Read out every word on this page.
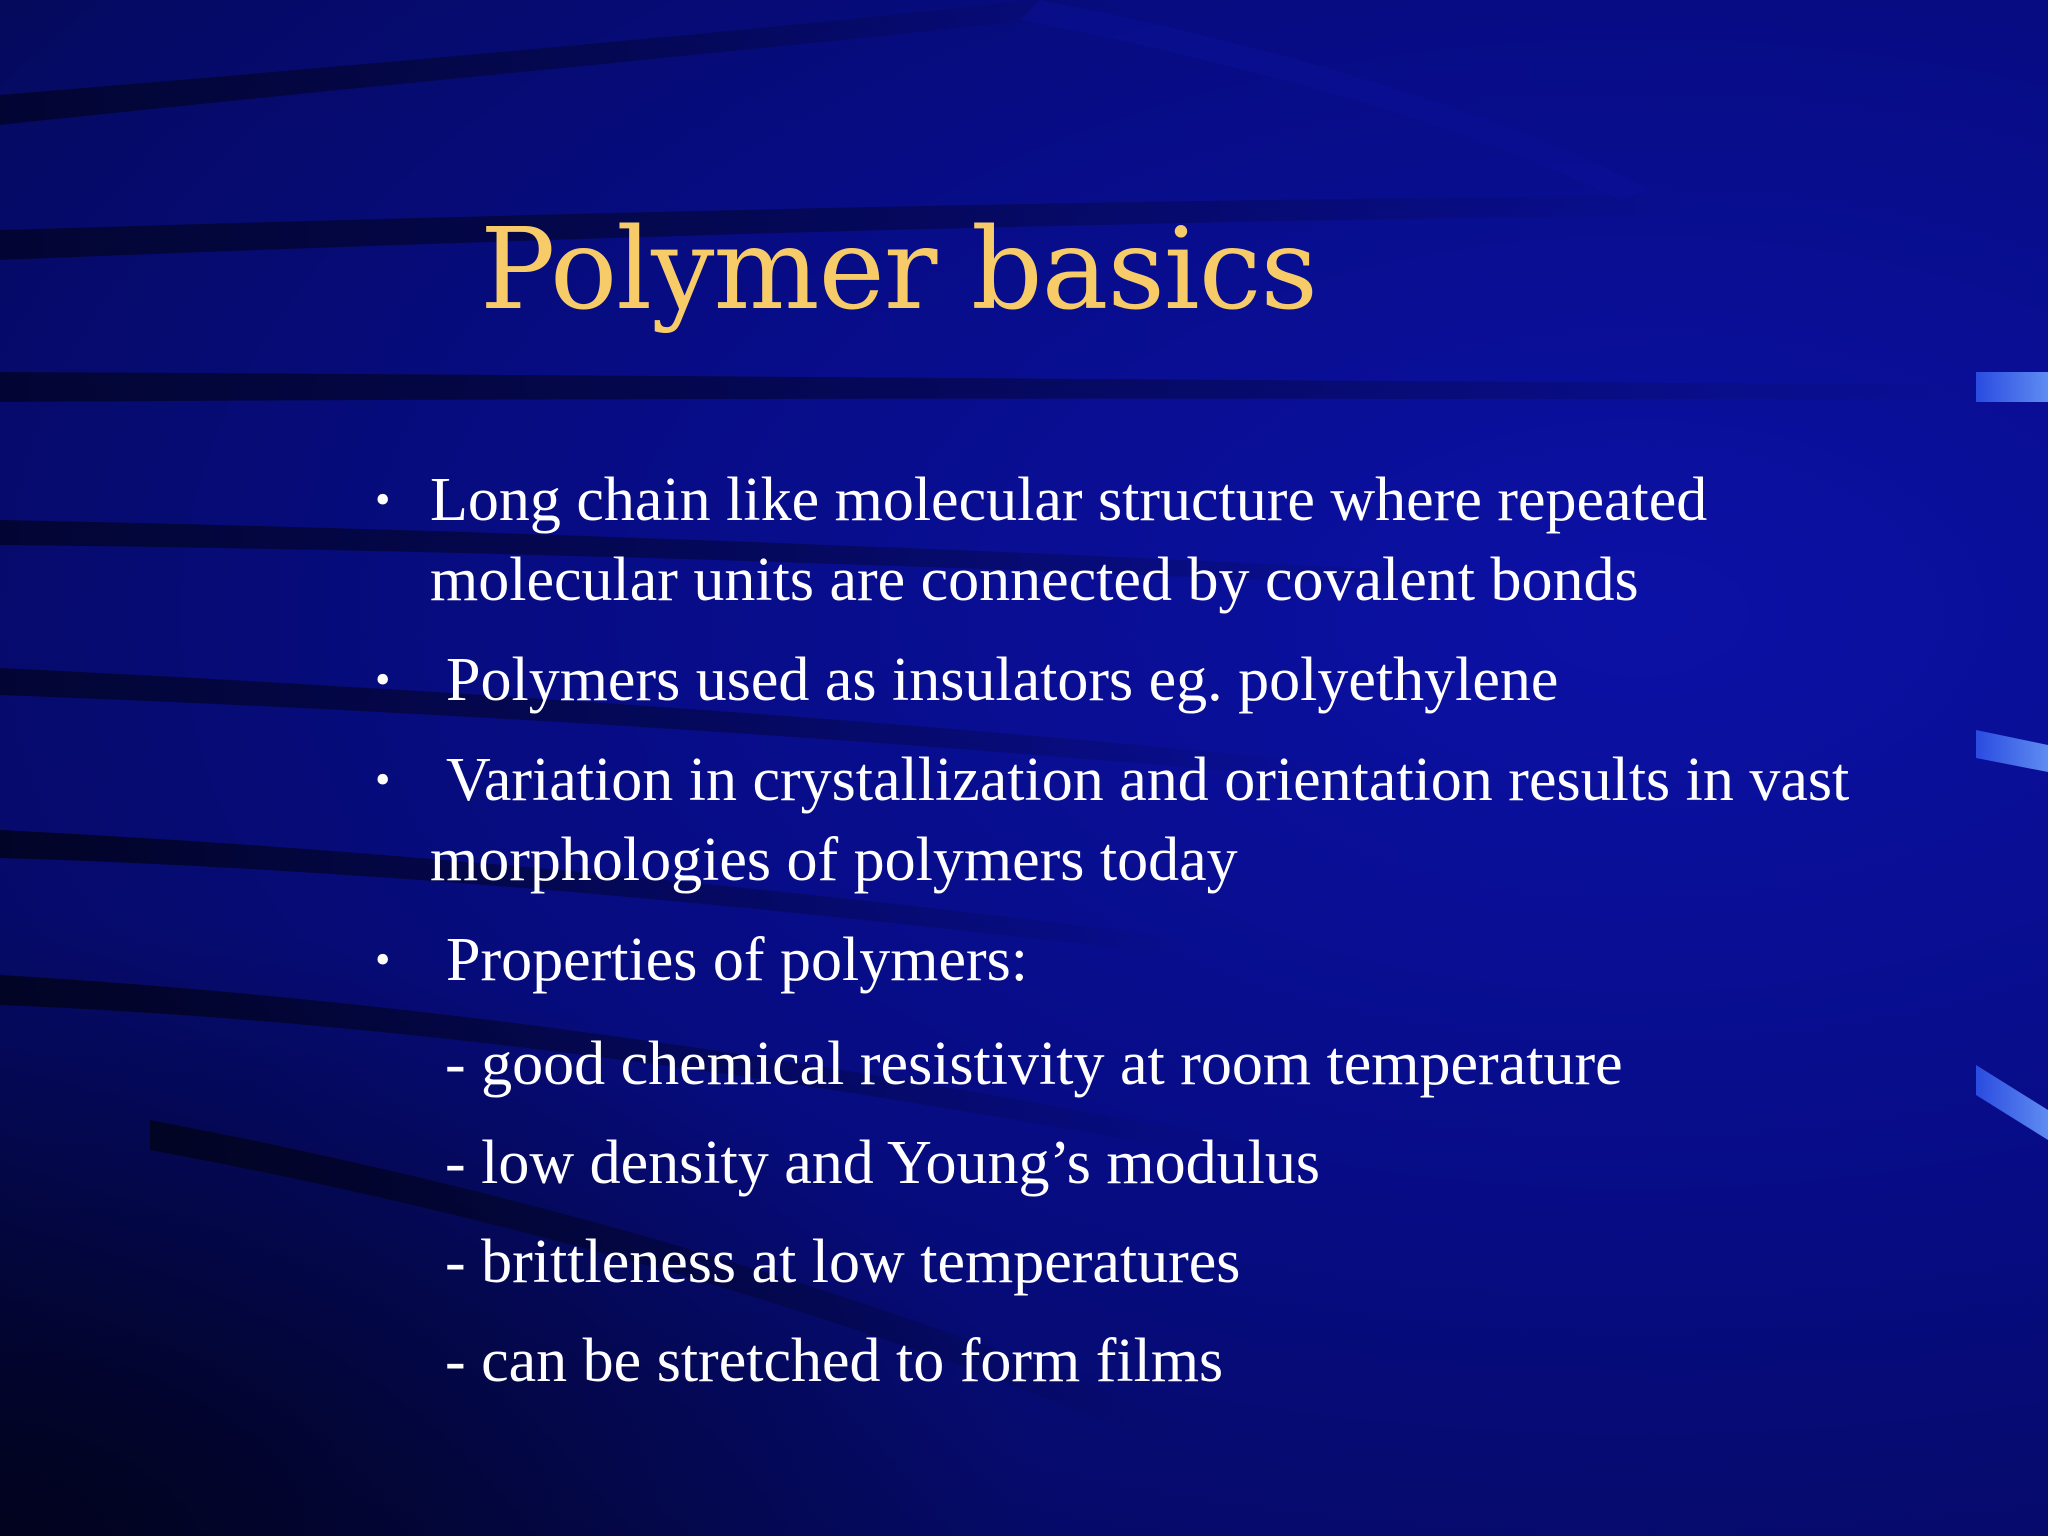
Polymer basics
• Long chain like molecular structure where repeated molecular units are connected by covalent bonds
• Polymers used as insulators eg. polyethylene
• Variation in crystallization and orientation results in vast morphologies of polymers today
• Properties of polymers:

- good chemical resistivity at room temperature

- low density and Young’s modulus

- brittleness at low temperatures

- can be stretched to form films
